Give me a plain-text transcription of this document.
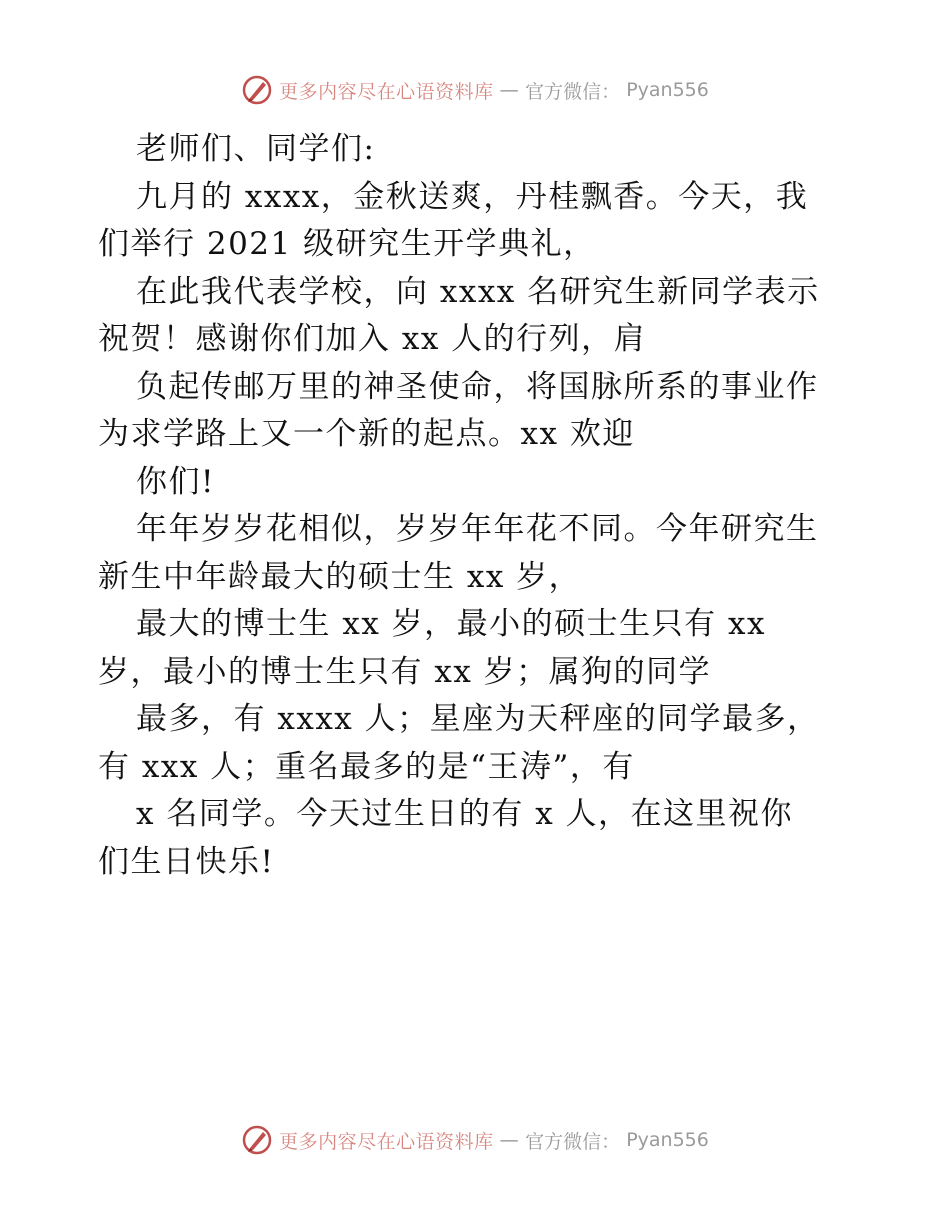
更多内容尽在心语资料库 — 官方微信： Pyan556
老师们、同学们:
九月的 xxxx，金秋送爽，丹桂飘香。今天，我
们举行 2021 级研究生开学典礼，
在此我代表学校，向 xxxx 名研究生新同学表示
祝贺！感谢你们加入 xx 人的行列，肩
负起传邮万里的神圣使命，将国脉所系的事业作
为求学路上又一个新的起点。xx 欢迎
你们!
年年岁岁花相似，岁岁年年花不同。今年研究生
新生中年龄最大的硕士生 xx 岁，
最大的博士生 xx 岁，最小的硕士生只有 xx
岁，最小的博士生只有 xx 岁；属狗的同学
最多，有 xxxx 人；星座为天秤座的同学最多，
有 xxx 人；重名最多的是“王涛”，有
x 名同学。今天过生日的有 x 人，在这里祝你
们生日快乐!
更多内容尽在心语资料库 — 官方微信： Pyan556
